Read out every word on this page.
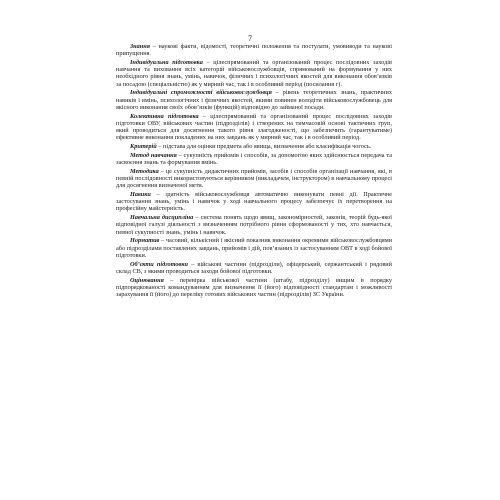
7

Знання – наукові факти, відомості, теоретичні положення та постулати, умовиводи та наукові припущення.

Індивідуальна підготовка – цілеспрямований та організований процес послідовних заходів навчання та виховання всіх категорій військовослужбовців, спрямований на формування у них необхідного рівня знань, умінь, навичок, фізичних і психологічних якостей для виконання обов’язків за посадою (спеціальністю) як у мирний час, так і в особливий період (посилання г).

Індивідуальні спроможності військовослужбовця – рівень теоретичних знань, практичних навиків і вмінь, психологічних і фізичних якостей, якими повинен володіти військовослужбовець для якісного виконання своїх обов’язків (функцій) відповідно до займаної посади.

Колективна підготовка – цілеспрямований та організований процес послідовних заходів підготовки ОВУ, військових частин (підрозділів) і створених на тимчасовій основі тактичних груп, який проводиться для досягнення такого рівня злагодженості, що забезпечить (гарантуватиме) ефективне виконання покладених на них завдань як у мирний час, так і в особливий період.

Критерій – підстава для оцінки предмета або явища, визначення або класифікація чогось.

Метод навчання – сукупність прийомів і способів, за допомогою яких здійснюється передача та засвоєння знань та формування вмінь.

Методика – це сукупність дидактичних прийомів, засобів і способів організації навчання, які, в певній послідовності використовуються керівником (викладачем, інструктором) в навчальному процесі для досягнення визначеної мети.

Навики – здатність військовослужбовця автоматично виконувати певні дії. Практичне застосування знань, умінь і навичок у ході навчального процесу забезпечує їх перетворення на професійну майстерність.

Навчальна дисципліна – система понять щодо явищ, закономірностей, законів, теорій будь-якої відповідної галузі діяльності з визначенням потрібного рівня сформованості у тих, хто навчається, певної сукупності знань, умінь і навичок.

Норматив – часовий, кількісний і якісний показник виконання окремими військовослужбовцями або підрозділами поставлених завдань, прийомів і дій, пов’язаних із застосуванням ОВТ в ході бойової підготовки.

Об’єкти підготовки – військові частини (підрозділи), офіцерський, сержантський і рядовий склад СВ, з якими проводиться заходи бойової підготовки.

Оцінювання – перевірка військової частини (штабу, підрозділу) вищим в порядку підпорядкованості командуванням для визначення її (його) відповідності стандартам і можливості зарахування її (його) до переліку готових військових частин (підрозділів) ЗС України.
